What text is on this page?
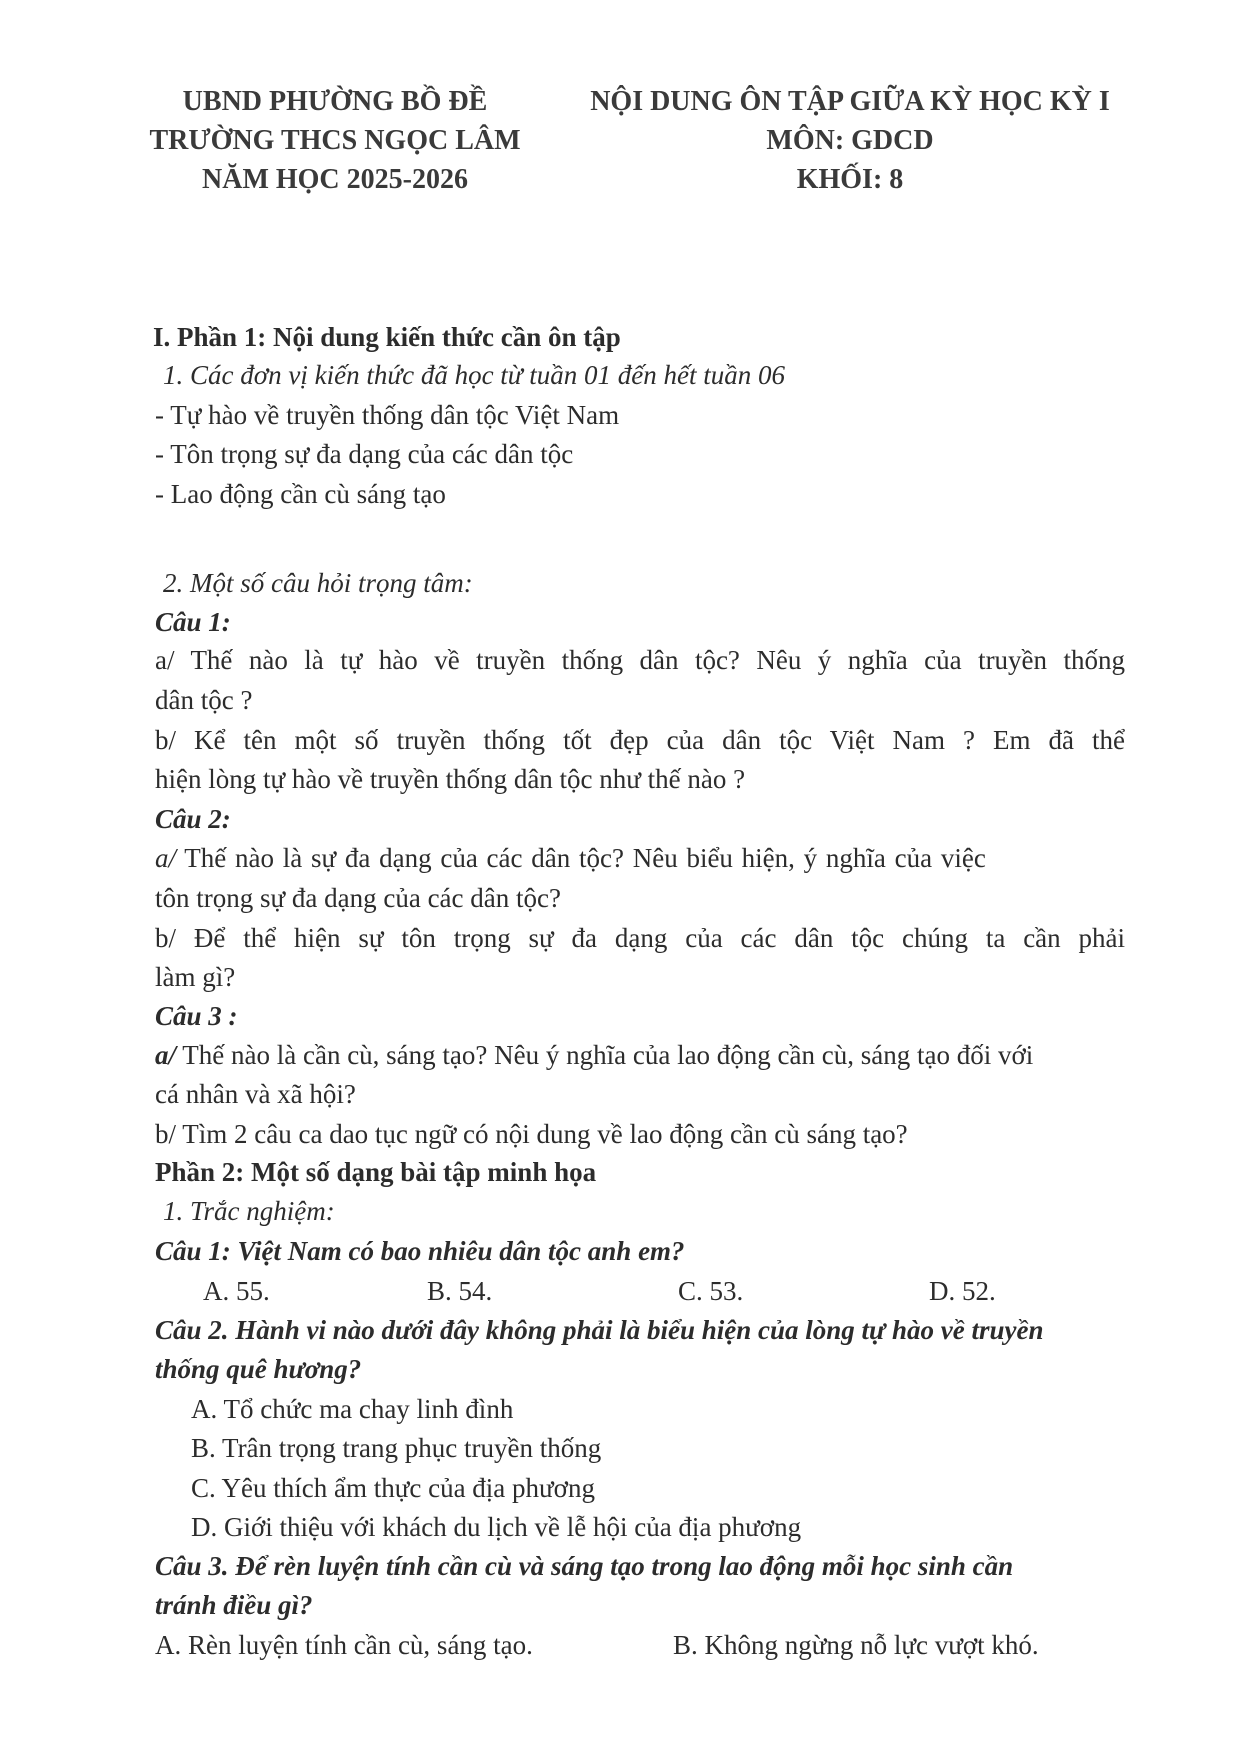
UBND PHƯỜNG BỒ ĐỀ
TRƯỜNG THCS NGỌC LÂM
NĂM HỌC 2025-2026
NỘI DUNG ÔN TẬP GIỮA KỲ HỌC KỲ I
MÔN: GDCD
KHỐI: 8
I. Phần 1: Nội dung kiến thức cần ôn tập
1. Các đơn vị kiến thức đã học từ tuần 01 đến hết tuần 06
- Tự hào về truyền thống dân tộc Việt Nam
- Tôn trọng sự đa dạng của các dân tộc
- Lao động cần cù sáng tạo
2. Một số câu hỏi trọng tâm:
Câu 1:
a/ Thế nào là tự hào về truyền thống dân tộc? Nêu ý nghĩa của truyền thống
dân tộc ?
b/ Kể tên một số truyền thống tốt đẹp của dân tộc Việt Nam ? Em đã thể
hiện lòng tự hào về truyền thống dân tộc như thế nào ?
Câu 2:
a/ Thế nào là sự đa dạng của các dân tộc? Nêu biểu hiện, ý nghĩa của việc
tôn trọng sự đa dạng của các dân tộc?
b/ Để thể hiện sự tôn trọng sự đa dạng của các dân tộc chúng ta cần phải
làm gì?
Câu 3 :
a/ Thế nào là cần cù, sáng tạo? Nêu ý nghĩa của lao động cần cù, sáng tạo đối với
cá nhân và xã hội?
b/ Tìm 2 câu ca dao tục ngữ có nội dung về lao động cần cù sáng tạo?
Phần 2: Một số dạng bài tập minh họa
1. Trắc nghiệm:
Câu 1: Việt Nam có bao nhiêu dân tộc anh em?
A. 55.	B. 54.	C. 53.	D. 52.
Câu 2. Hành vi nào dưới đây không phải là biểu hiện của lòng tự hào về truyền
thống quê hương?
A. Tổ chức ma chay linh đình
B. Trân trọng trang phục truyền thống
C. Yêu thích ẩm thực của địa phương
D. Giới thiệu với khách du lịch về lễ hội của địa phương
Câu 3. Để rèn luyện tính cần cù và sáng tạo trong lao động mỗi học sinh cần
tránh điều gì?
A. Rèn luyện tính cần cù, sáng tạo.	B. Không ngừng nỗ lực vượt khó.
